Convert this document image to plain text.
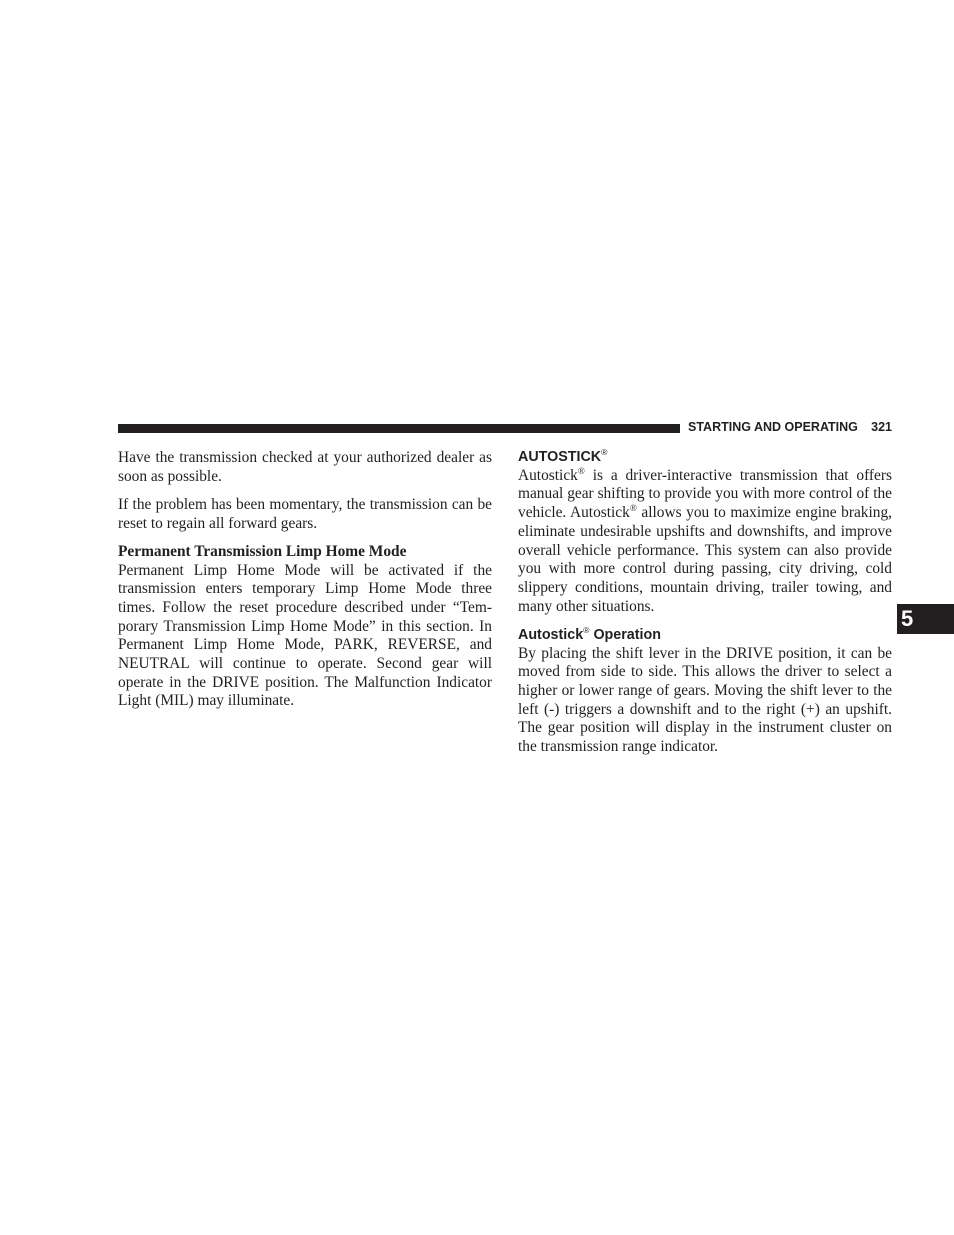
STARTING AND OPERATING 321
5

Have the transmission checked at your authorized dealer as soon as possible.

If the problem has been momentary, the transmission can be reset to regain all forward gears.

Permanent Transmission Limp Home Mode

Permanent Limp Home Mode will be activated if the transmission enters temporary Limp Home Mode three times. Follow the reset procedure described under “Tem-porary Transmission Limp Home Mode” in this section. In Permanent Limp Home Mode, PARK, REVERSE, and NEUTRAL will continue to operate. Second gear will operate in the DRIVE position. The Malfunction Indicator Light (MIL) may illuminate.

AUTOSTICK®

Autostick® is a driver-interactive transmission that offers manual gear shifting to provide you with more control of the vehicle. Autostick® allows you to maximize engine braking, eliminate undesirable upshifts and downshifts, and improve overall vehicle performance. This system can also provide you with more control during passing, city driving, cold slippery conditions, mountain driving, trailer towing, and many other situations.

Autostick® Operation

By placing the shift lever in the DRIVE position, it can be moved from side to side. This allows the driver to select a higher or lower range of gears. Moving the shift lever to the left (-) triggers a downshift and to the right (+) an upshift. The gear position will display in the instrument cluster on the transmission range indicator.
